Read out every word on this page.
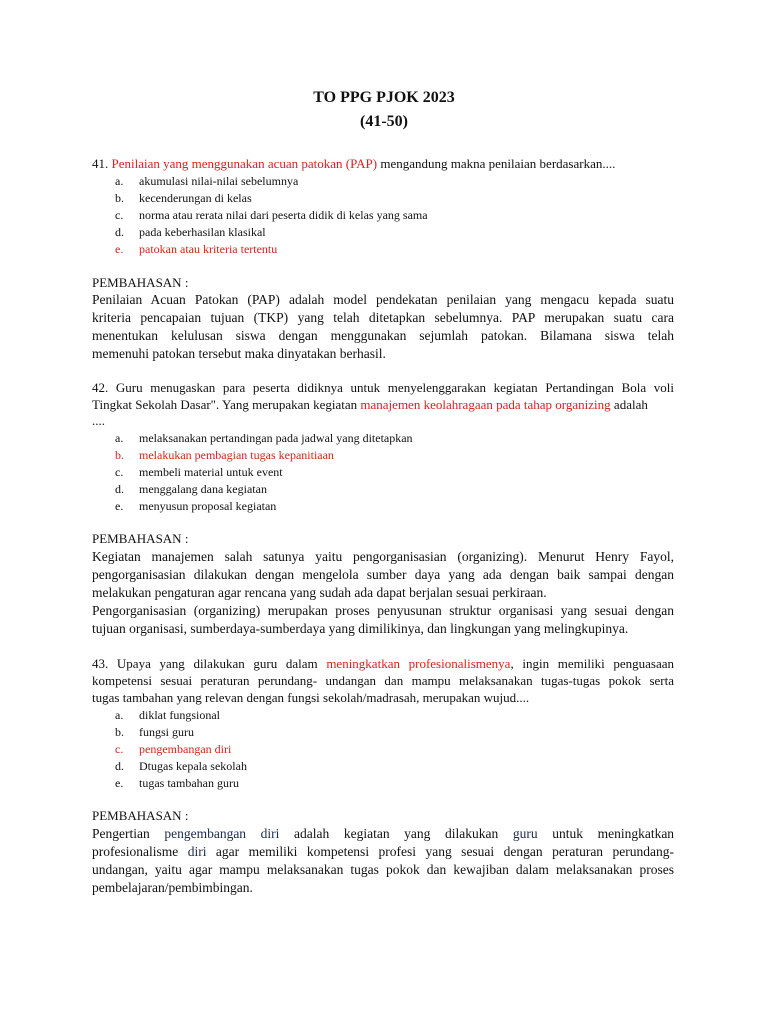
TO PPG PJOK 2023
(41-50)
41. Penilaian yang menggunakan acuan patokan (PAP) mengandung makna penilaian berdasarkan....
a. akumulasi nilai-nilai sebelumnya
b. kecenderungan di kelas
c. norma atau rerata nilai dari peserta didik di kelas yang sama
d. pada keberhasilan klasikal
e. patokan atau kriteria tertentu
PEMBAHASAN :
Penilaian Acuan Patokan (PAP) adalah model pendekatan penilaian yang mengacu kepada suatu
kriteria pencapaian tujuan (TKP) yang telah ditetapkan sebelumnya. PAP merupakan suatu cara
menentukan kelulusan siswa dengan menggunakan sejumlah patokan. Bilamana siswa telah
memenuhi patokan tersebut maka dinyatakan berhasil.
42. Guru menugaskan para peserta didiknya untuk menyelenggarakan kegiatan Pertandingan Bola voli
Tingkat Sekolah Dasar". Yang merupakan kegiatan manajemen keolahragaan pada tahap organizing adalah
....
a. melaksanakan pertandingan pada jadwal yang ditetapkan
b. melakukan pembagian tugas kepanitiaan
c. membeli material untuk event
d. menggalang dana kegiatan
e. menyusun proposal kegiatan
PEMBAHASAN :
Kegiatan manajemen salah satunya yaitu pengorganisasian (organizing). Menurut Henry Fayol,
pengorganisasian dilakukan dengan mengelola sumber daya yang ada dengan baik sampai dengan
melakukan pengaturan agar rencana yang sudah ada dapat berjalan sesuai perkiraan.
Pengorganisasian (organizing) merupakan proses penyusunan struktur organisasi yang sesuai dengan
tujuan organisasi, sumberdaya-sumberdaya yang dimilikinya, dan lingkungan yang melingkupinya.
43. Upaya yang dilakukan guru dalam meningkatkan profesionalismenya, ingin memiliki penguasaan
kompetensi sesuai peraturan perundang- undangan dan mampu melaksanakan tugas-tugas pokok serta
tugas tambahan yang relevan dengan fungsi sekolah/madrasah, merupakan wujud....
a. diklat fungsional
b. fungsi guru
c. pengembangan diri
d. Dtugas kepala sekolah
e. tugas tambahan guru
PEMBAHASAN :
Pengertian pengembangan diri adalah kegiatan yang dilakukan guru untuk meningkatkan
profesionalisme diri agar memiliki kompetensi profesi yang sesuai dengan peraturan perundang-
undangan, yaitu agar mampu melaksanakan tugas pokok dan kewajiban dalam melaksanakan proses
pembelajaran/pembimbingan.
